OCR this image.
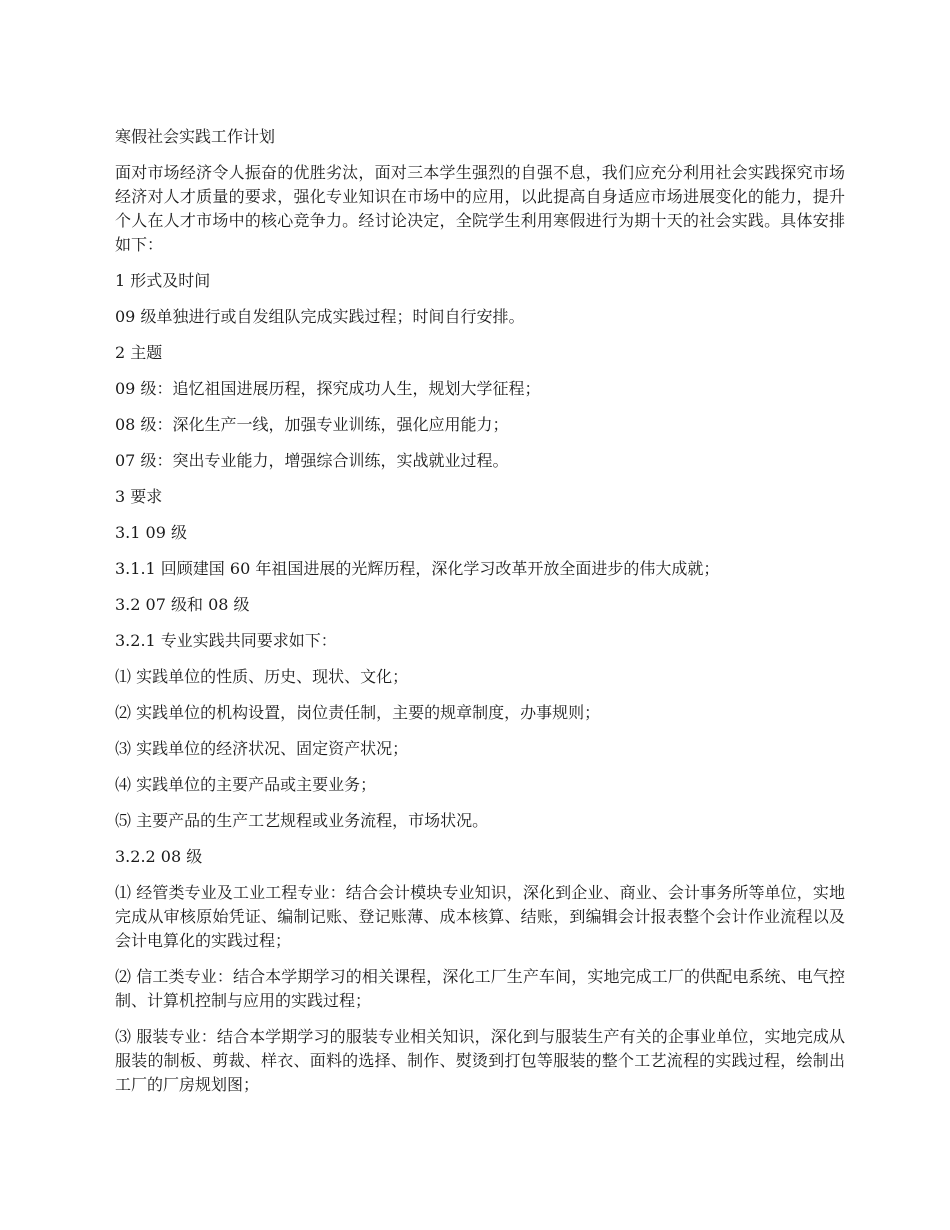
寒假社会实践工作计划

面对市场经济令人振奋的优胜劣汰，面对三本学生强烈的自强不息，我们应充分利用社会实践探究市场经济对人才质量的要求，强化专业知识在市场中的应用，以此提高自身适应市场进展变化的能力，提升个人在人才市场中的核心竞争力。经讨论决定，全院学生利用寒假进行为期十天的社会实践。具体安排如下：

1 形式及时间

09 级单独进行或自发组队完成实践过程；时间自行安排。

2 主题

09 级：追忆祖国进展历程，探究成功人生，规划大学征程；

08 级：深化生产一线，加强专业训练，强化应用能力；

07 级：突出专业能力，增强综合训练，实战就业过程。

3 要求

3.1 09 级

3.1.1 回顾建国 60 年祖国进展的光辉历程，深化学习改革开放全面进步的伟大成就；

3.2 07 级和 08 级

3.2.1 专业实践共同要求如下：

⑴ 实践单位的性质、历史、现状、文化；

⑵ 实践单位的机构设置，岗位责任制，主要的规章制度，办事规则；

⑶ 实践单位的经济状况、固定资产状况；

⑷ 实践单位的主要产品或主要业务；

⑸ 主要产品的生产工艺规程或业务流程，市场状况。

3.2.2 08 级

⑴ 经管类专业及工业工程专业：结合会计模块专业知识，深化到企业、商业、会计事务所等单位，实地完成从审核原始凭证、编制记账、登记账薄、成本核算、结账，到编辑会计报表整个会计作业流程以及会计电算化的实践过程；

⑵ 信工类专业：结合本学期学习的相关课程，深化工厂生产车间，实地完成工厂的供配电系统、电气控制、计算机控制与应用的实践过程；

⑶ 服装专业：结合本学期学习的服装专业相关知识，深化到与服装生产有关的企事业单位，实地完成从服装的制板、剪裁、样衣、面料的选择、制作、熨烫到打包等服装的整个工艺流程的实践过程，绘制出工厂的厂房规划图；
